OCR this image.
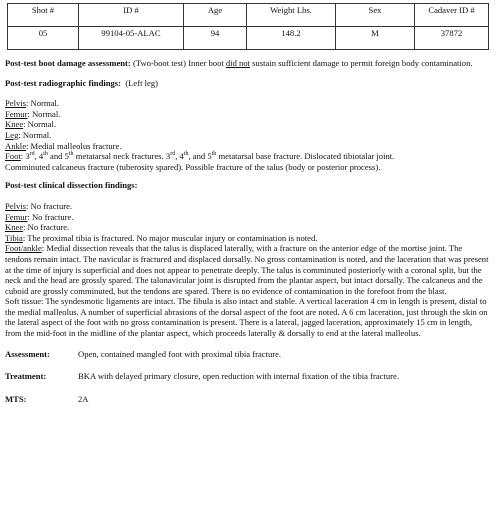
Shot #	ID #	Age	Weight Lbs.	Sex	Cadaver ID #
05	99104-05-ALAC	94	148.2	M	37872

Post-test boot damage assessment: (Two-boot test) Inner boot did not sustain sufficient damage to permit foreign body contamination.

Post-test radiographic findings: (Left leg)

Pelvis: Normal.

Femur: Normal.

Knee: Normal.

Leg: Normal.

Ankle: Medial malleolus fracture.

Foot: 3rd, 4th and 5th metatarsal neck fractures. 3rd, 4th, and 5th metatarsal base fracture. Dislocated tibiotalar joint.

Comminuted calcaneus fracture (tuberosity spared). Possible fracture of the talus (body or posterior process).

Post-test clinical dissection findings:

Pelvis: No fracture.

Femur: No fracture.

Knee: No fracture.

Tibia: The proximal tibia is fractured. No major muscular injury or contamination is noted.

Foot/ankle: Medial dissection reveals that the talus is displaced laterally, with a fracture on the anterior edge of the mortise joint. The tendons remain intact. The navicular is fractured and displaced dorsally. No gross contamination is noted, and the laceration that was present at the time of injury is superficial and does not appear to penetrate deeply. The talus is comminuted posteriorly with a coronal split, but the neck and the head are grossly spared. The talonavicular joint is disrupted from the plantar aspect, but intact dorsally. The calcaneus and the cuboid are grossly comminuted, but the tendons are spared. There is no evidence of contamination in the forefoot from the blast.

Soft tissue: The syndesmotic ligaments are intact. The fibula is also intact and stable. A vertical laceration 4 cm in length is present, distal to the medial malleolus. A number of superficial abrasions of the dorsal aspect of the foot are noted. A 6 cm laceration, just through the skin on the lateral aspect of the foot with no gross contamination is present. There is a lateral, jagged laceration, approximately 15 cm in length, from the mid-foot in the midline of the plantar aspect, which proceeds laterally & dorsally to end at the lateral malleolus.

Assessment:	Open, contained mangled foot with proximal tibia fracture.
Treatment:	BKA with delayed primary closure, open reduction with internal fixation of the tibia fracture.
MTS:	2A
